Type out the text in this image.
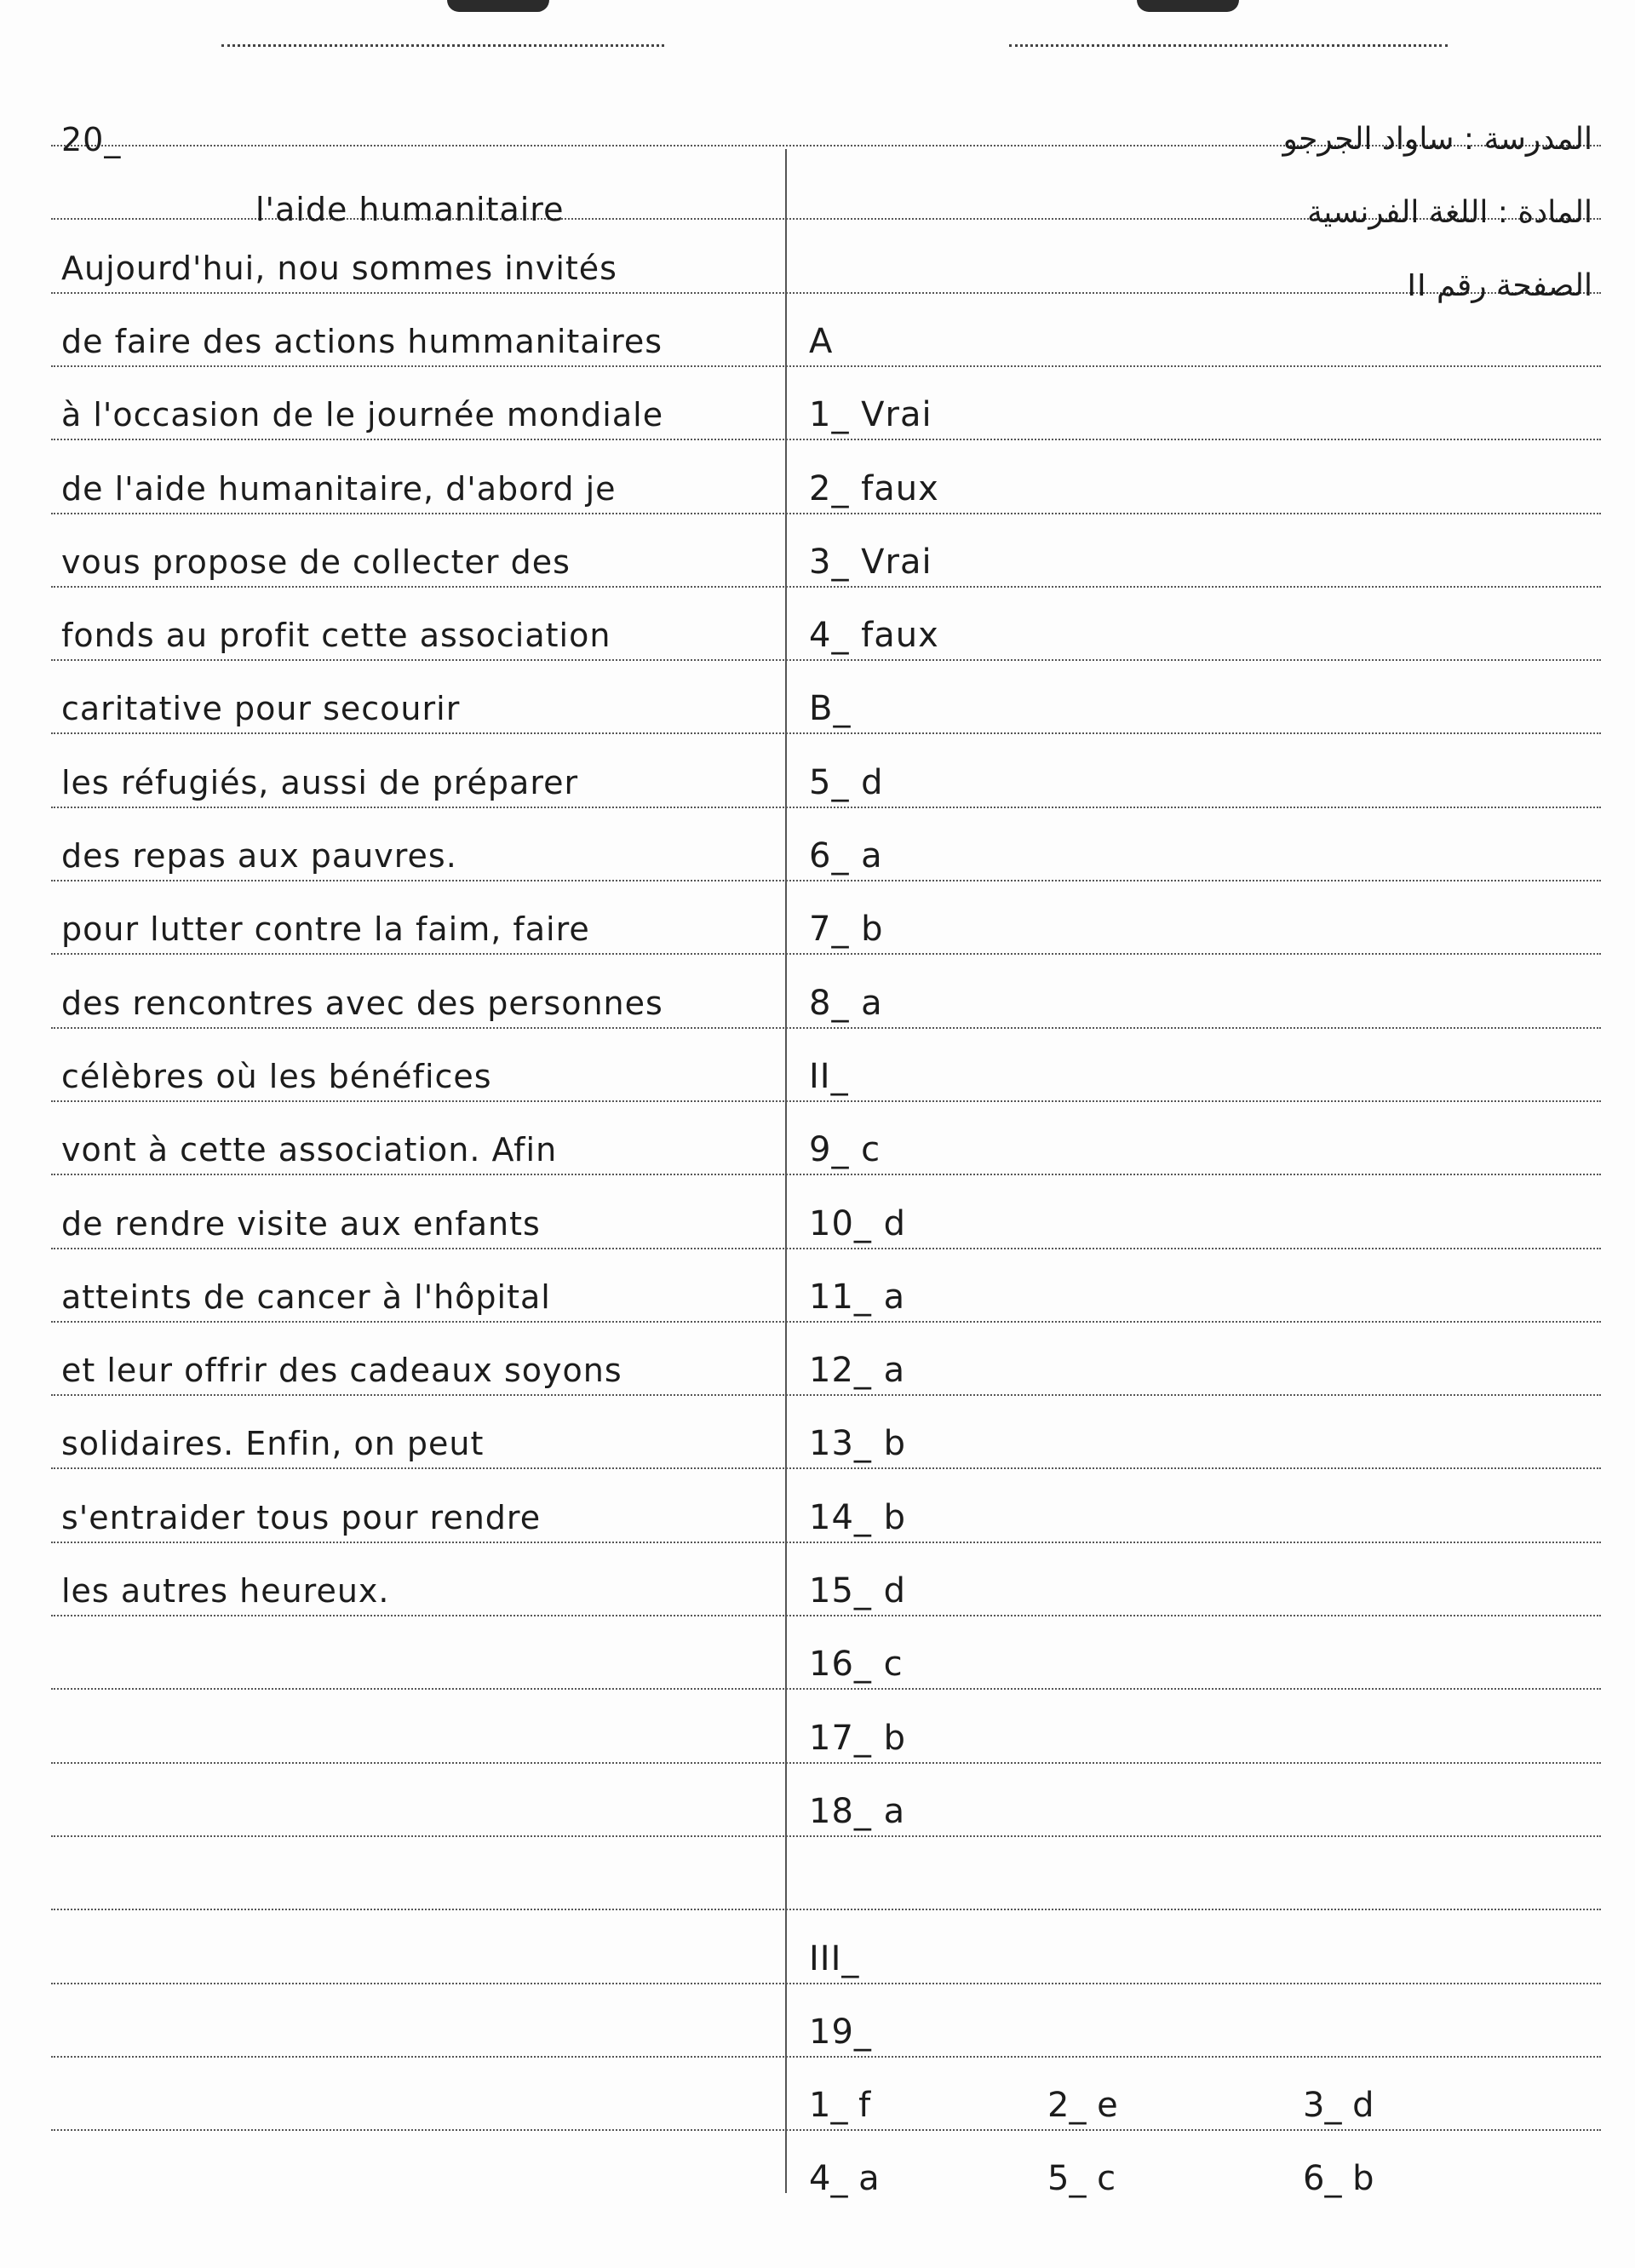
20_	المدرسة : ساواد الجرجو

المادة : اللغة الفرنسية

الصفحة رقم II

l'aide humanitaire

Aujourd'hui, nou sommes invités

de faire des actions hummanitaires

à l'occasion de le journée mondiale

de l'aide humanitaire, d'abord je

vous propose de collecter des

fonds au profit cette association

caritative pour secourir

les réfugiés, aussi de préparer

des repas aux pauvres.

pour lutter contre la faim, faire

des rencontres avec des personnes

célèbres où les bénéfices

vont à cette association. Afin

de rendre visite aux enfants

atteints de cancer à l'hôpital

et leur offrir des cadeaux soyons

solidaires. Enfin, on peut

s'entraider tous pour rendre

les autres heureux.

A

1_ Vrai

2_ faux

3_ Vrai

4_ faux

B_

5_ d

6_ a

7_ b

8_ a

II_

9_ c

10_ d

11_ a

12_ a

13_ b

14_ b

15_ d

16_ c

17_ b

18_ a

III_

19_

1_ f	2_ e	3_ d
4_ a	5_ c	6_ b
